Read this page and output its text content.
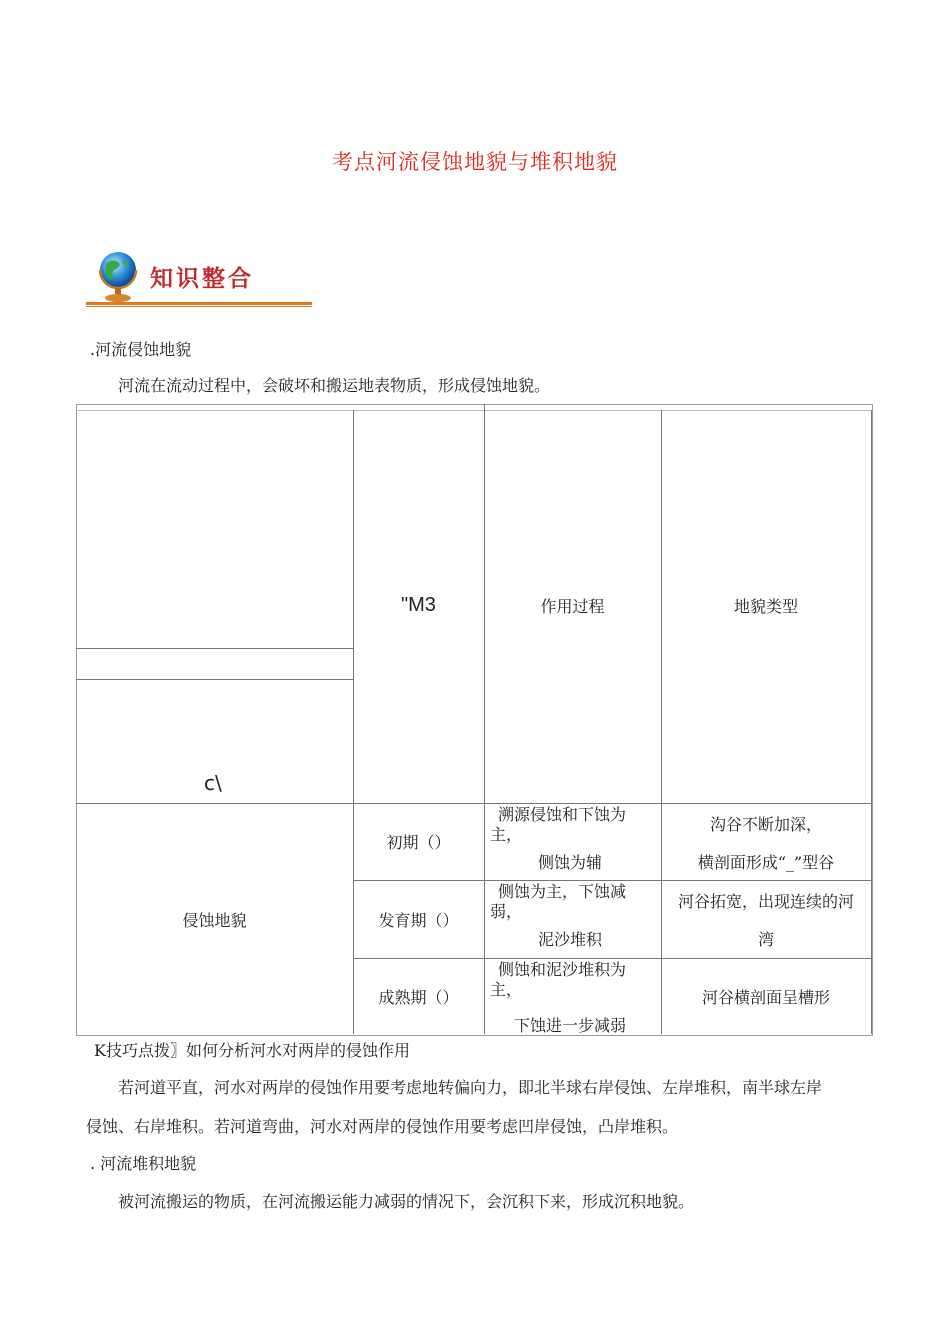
考点河流侵蚀地貌与堆积地貌
知识整合
.河流侵蚀地貌
河流在流动过程中，会破坏和搬运地表物质，形成侵蚀地貌。
c\
"M3	作用过程	地貌类型
侵蚀地貌
初期（）
溯源侵蚀和下蚀为
主，
侧蚀为辅
沟谷不断加深，
横剖面形成“_”型谷
发育期（）
侧蚀为主，下蚀减
弱，
泥沙堆积
河谷拓宽，出现连续的河
湾
成熟期（）
侧蚀和泥沙堆积为
主，
下蚀进一步减弱
河谷横剖面呈槽形
K技巧点拨〗如何分析河水对两岸的侵蚀作用
若河道平直，河水对两岸的侵蚀作用要考虑地转偏向力，即北半球右岸侵蚀、左岸堆积，南半球左岸
侵蚀、右岸堆积。若河道弯曲，河水对两岸的侵蚀作用要考虑凹岸侵蚀，凸岸堆积。
. 河流堆积地貌
被河流搬运的物质，在河流搬运能力减弱的情况下，会沉积下来，形成沉积地貌。
